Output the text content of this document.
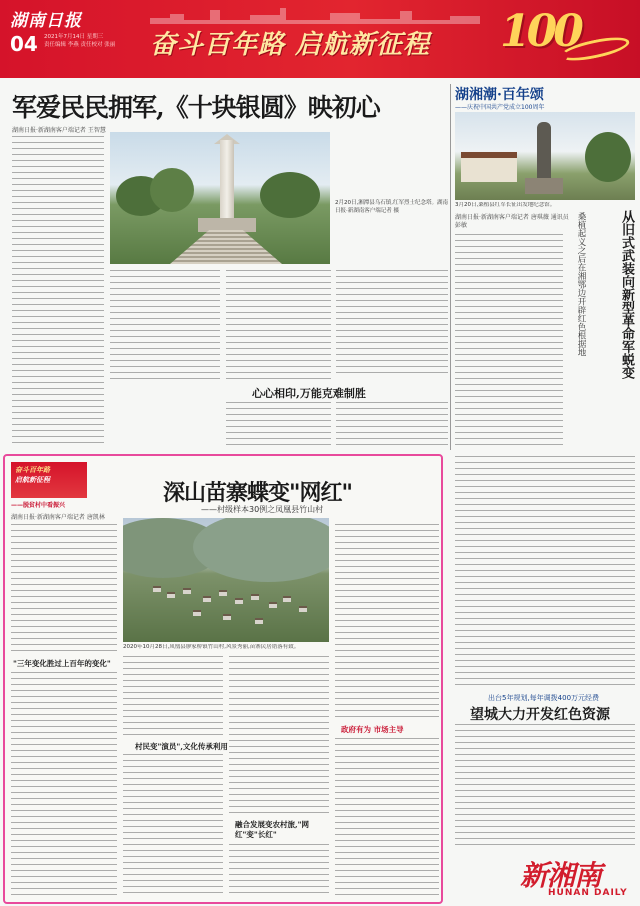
湖南日报
04 2021年7月14日 星期三
责任编辑 李燕 责任校对 张丽	奋斗百年路 启航新征程 100
军爱民民拥军,《十块银圆》映初心
湖南日报·新湖南客户端记者 王智慧
2月20日,湘潭县乌石镇,红军烈士纪念塔。湖南日报·新湖南客户端记者 摄
心心相印,万能克难制胜
湖湘潮·百年颂
——庆祝中国共产党成立100周年
3月20日,桑植县红军长征出发地纪念馆。
湖南日报·新湖南客户端记者 唐琪薇 通讯员 彭敏	从旧式武装向新型革命军蜕变
桑植起义之后在湘鄂边开辟红色根据地
奋斗百年路
启航新征程
——脱贫村中看振兴
湖南日报·新湖南客户端记者 唐凯林
深山苗寨蝶变"网红"
——村级样本30例之凤凰县竹山村
2020年10月28日,凤凰县廖家桥镇竹山村,风景秀丽,苗寨民居错落有致。
"三年变化胜过上百年的变化"
村民变"演员",文化传承利用
融合发展变农村旅,"网红"变"长红"
政府有为 市场主导
出台5年规划,每年调拨400万元经费
望城大力开发红色资源
新湘南
HUNAN DAILY
